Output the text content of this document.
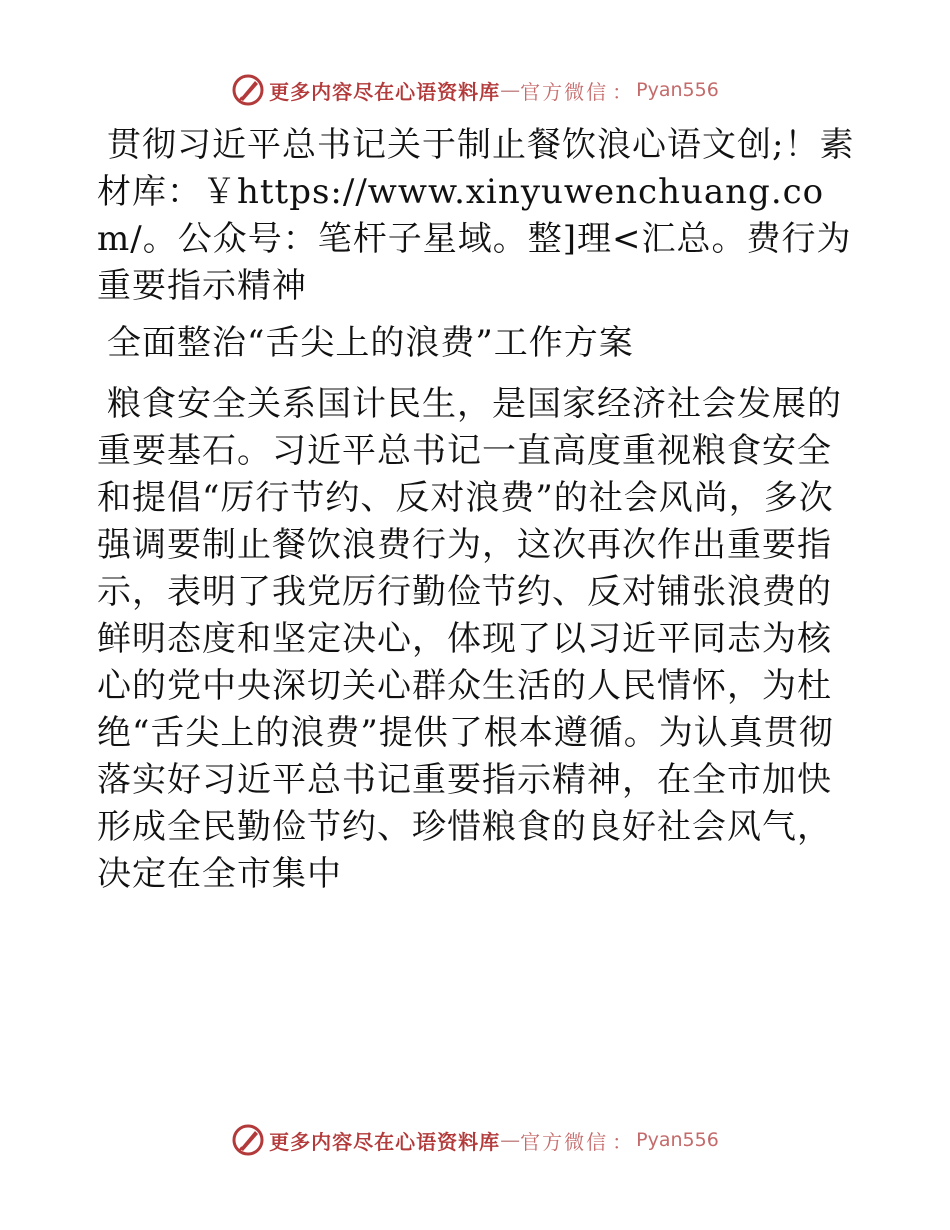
更多内容尽在心语资料库 — 官方微信 ： Pyan556

贯彻习近平总书记关于制止餐饮浪心语文创;！素材库：￥https://www.xinyuwenchuang.com/。公众号：笔杆子星域。整]理<汇总。费行为重要指示精神

全面整治“舌尖上的浪费”工作方案

粮食安全关系国计民生，是国家经济社会发展的重要基石。习近平总书记一直高度重视粮食安全和提倡“厉行节约、反对浪费”的社会风尚，多次强调要制止餐饮浪费行为，这次再次作出重要指示，表明了我党厉行勤俭节约、反对铺张浪费的鲜明态度和坚定决心，体现了以习近平同志为核心的党中央深切关心群众生活的人民情怀，为杜绝“舌尖上的浪费”提供了根本遵循。为认真贯彻落实好习近平总书记重要指示精神，在全市加快形成全民勤俭节约、珍惜粮食的良好社会风气，决定在全市集中

更多内容尽在心语资料库 — 官方微信 ： Pyan556
